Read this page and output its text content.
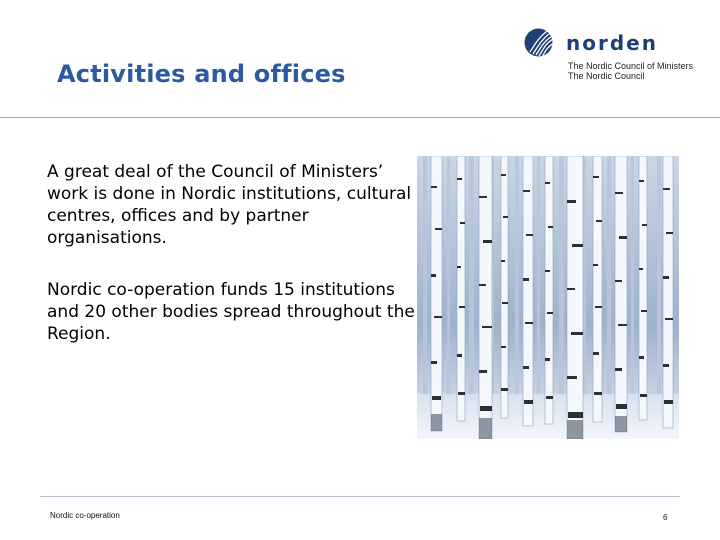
Activities and offices
norden
The Nordic Council of Ministers
The Nordic Council
A great deal of the Council of Ministers’ work is done in Nordic institutions, cultural centres, offices and by partner organisations.
Nordic co-operation funds 15 institutions and 20 other bodies spread throughout the Region.
Nordic co-operation	6
